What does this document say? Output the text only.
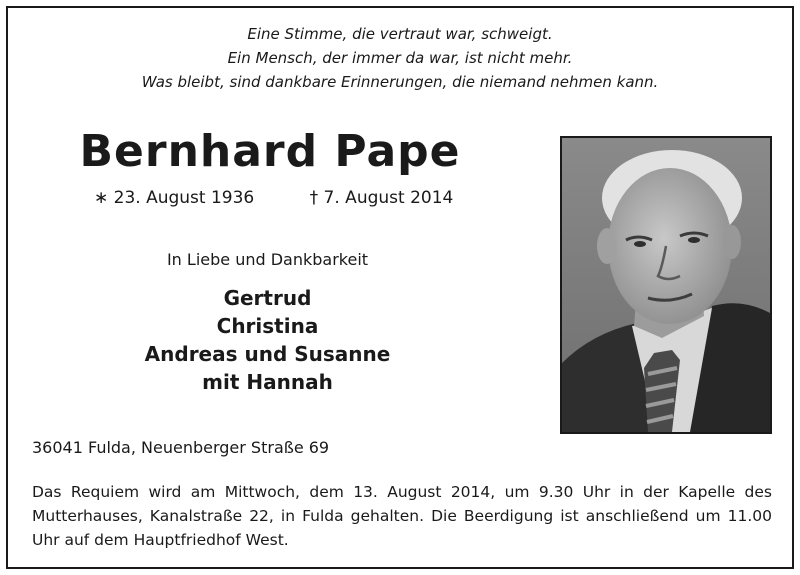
Eine Stimme, die vertraut war, schweigt.
Ein Mensch, der immer da war, ist nicht mehr.
Was bleibt, sind dankbare Erinnerungen, die niemand nehmen kann.
Bernhard Pape
∗ 23. August 1936	† 7. August 2014
In Liebe und Dankbarkeit
Gertrud
Christina
Andreas und Susanne
mit Hannah
36041 Fulda, Neuenberger Straße 69
Das Requiem wird am Mittwoch, dem 13. August 2014, um 9.30 Uhr in der Kapelle des Mutterhauses, Kanalstraße 22, in Fulda gehalten. Die Beerdigung ist anschließend um 11.00 Uhr auf dem Hauptfriedhof West.
